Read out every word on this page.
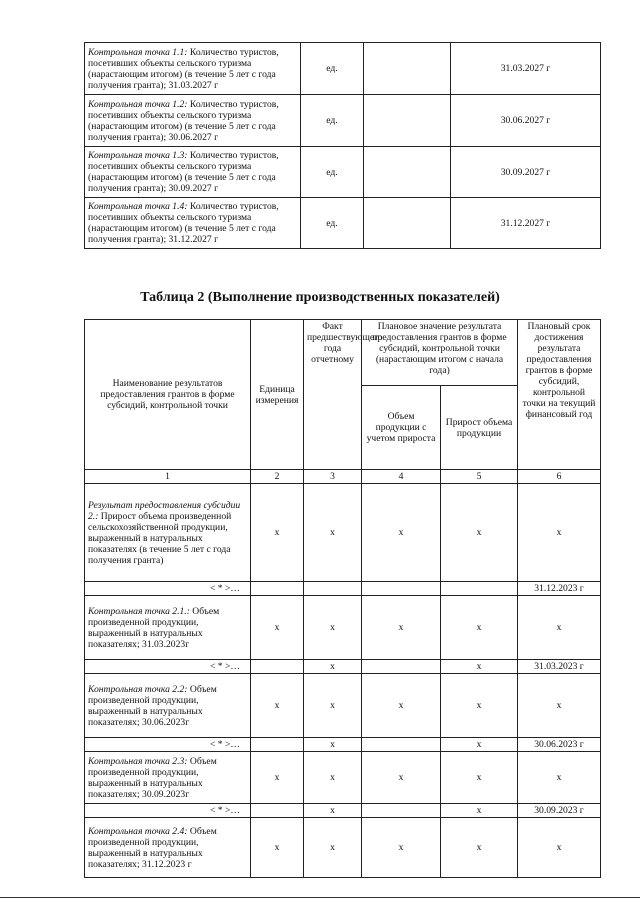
Контрольная точка 1.1: Количество туристов, посетивших объекты сельского туризма (нарастающим итогом) (в течение 5 лет с года получения гранта); 31.03.2027 г	ед.		31.03.2027 г
Контрольная точка 1.2: Количество туристов, посетивших объекты сельского туризма (нарастающим итогом) (в течение 5 лет с года получения гранта); 30.06.2027 г	ед.		30.06.2027 г
Контрольная точка 1.3: Количество туристов, посетивших объекты сельского туризма (нарастающим итогом) (в течение 5 лет с года получения гранта); 30.09.2027 г	ед.		30.09.2027 г
Контрольная точка 1.4: Количество туристов, посетивших объекты сельского туризма (нарастающим итогом) (в течение 5 лет с года получения гранта); 31.12.2027 г	ед.		31.12.2027 г
Таблица 2 (Выполнение производственных показателей)
Наименование результатов предоставления грантов в форме субсидий, контрольной точки	Единица измерения	Факт предшествующего года отчетному	Плановое значение результата предоставления грантов в форме субсидий, контрольной точки (нарастающим итогом с начала года)		Плановый срок достижения результата предоставления грантов в форме субсидий, контрольной точки на текущий финансовый год
			Объем продукции с учетом прироста	Прирост объема продукции	
1	2	3	4	5	6
Результат предоставления субсидии 2.: Прирост объема произведенной сельскохозяйственной продукции, выраженный в натуральных показателях (в течение 5 лет с года получения гранта)	x	x	x	x	x
< * >…					31.12.2023 г
Контрольная точка 2.1.: Объем произведенной продукции, выраженный в натуральных показателях; 31.03.2023г	x	x	x	x	x
< * >…		x		x	31.03.2023 г
Контрольная точка 2.2: Объем произведенной продукции, выраженный в натуральных показателях; 30.06.2023г	x	x	x	x	x
< * >…		x		x	30.06.2023 г
Контрольная точка 2.3: Объем произведенной продукции, выраженный в натуральных показателях; 30.09.2023г	x	x	x	x	x
< * >…		x		x	30.09.2023 г
Контрольная точка 2.4: Объем произведенной продукции, выраженный в натуральных показателях; 31.12.2023 г	x	x	x	x	x
